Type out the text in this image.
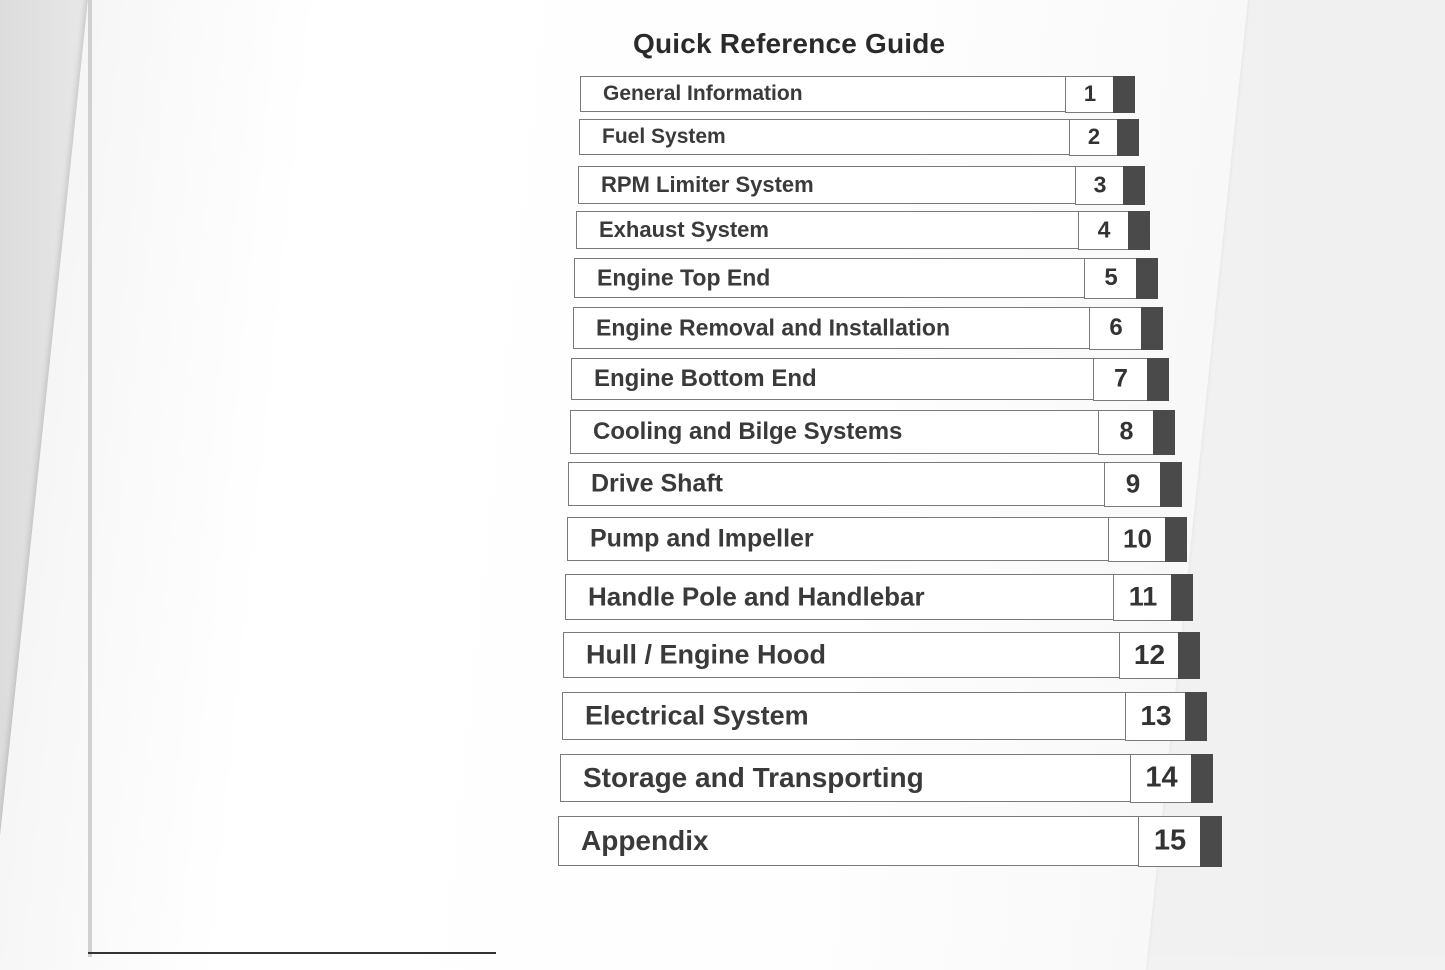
Quick Reference Guide
General Information	1
Fuel System	2
RPM Limiter System	3
Exhaust System	4
Engine Top End	5
Engine Removal and Installation	6
Engine Bottom End	7
Cooling and Bilge Systems	8
Drive Shaft	9
Pump and Impeller	10
Handle Pole and Handlebar	11
Hull / Engine Hood	12
Electrical System	13
Storage and Transporting	14
Appendix	15
